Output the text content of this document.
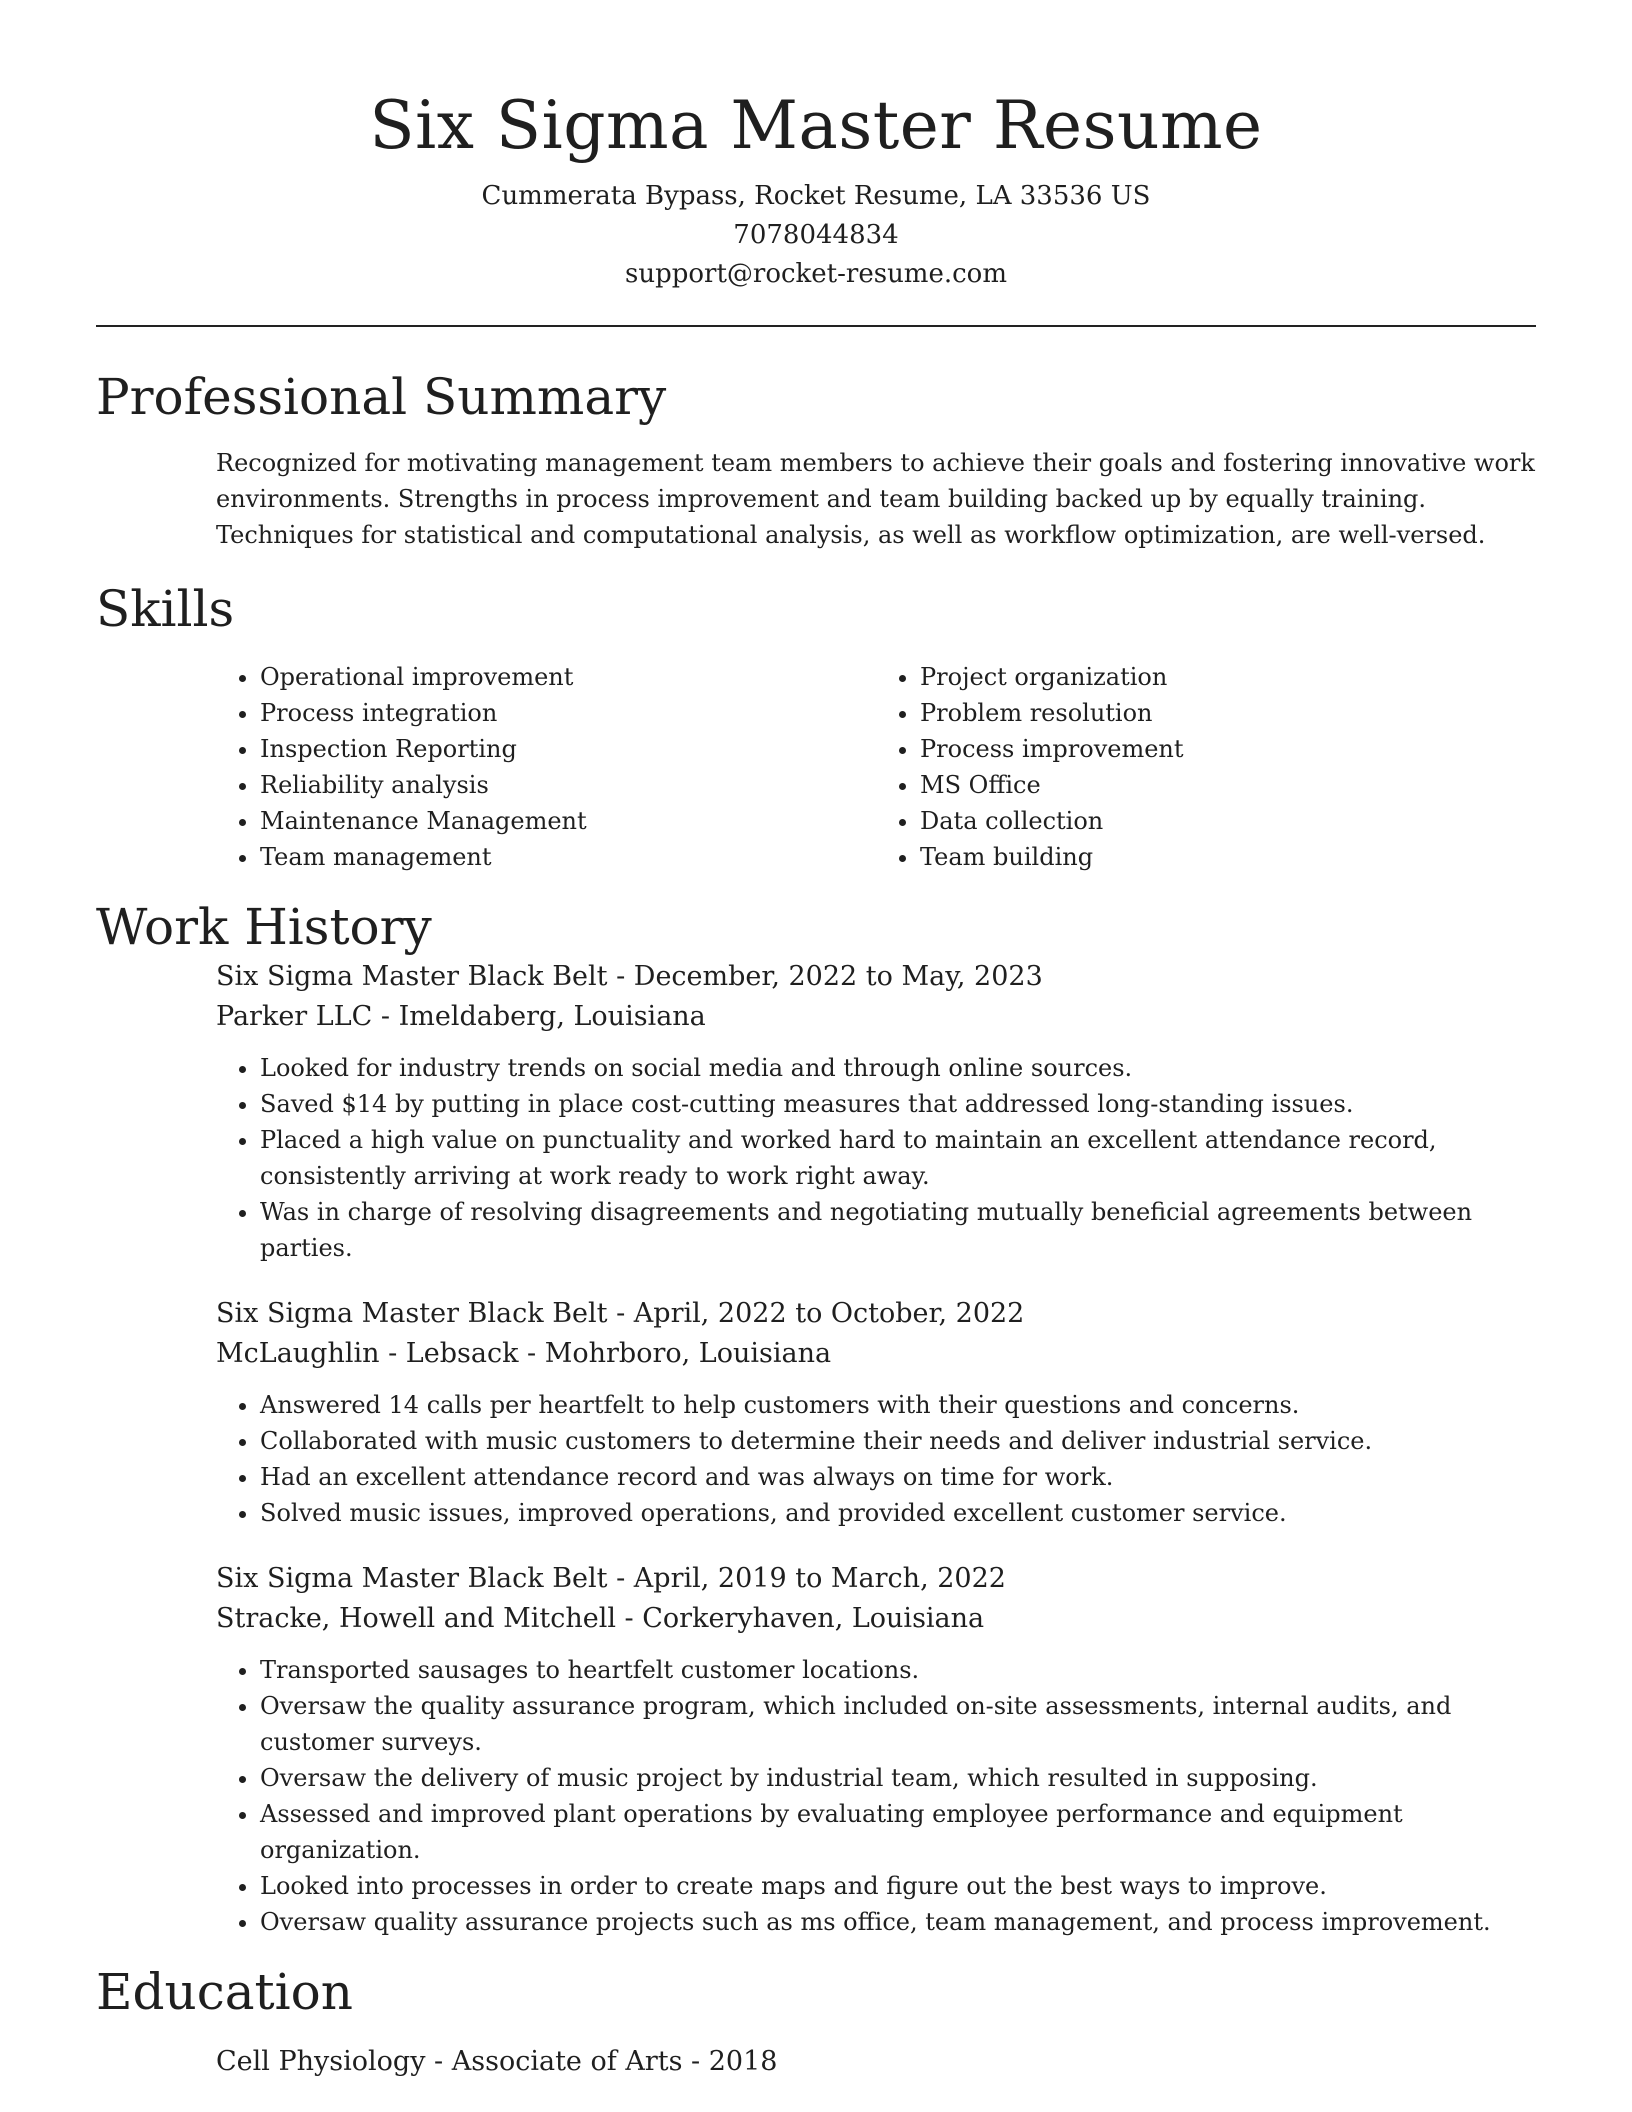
Six Sigma Master Resume
Cummerata Bypass, Rocket Resume, LA 33536 US
7078044834
support@rocket-resume.com
Professional Summary
Recognized for motivating management team members to achieve their goals and fostering innovative work environments. Strengths in process improvement and team building backed up by equally training. Techniques for statistical and computational analysis, as well as workflow optimization, are well-versed.
Skills
• Operational improvement
• Process integration
• Inspection Reporting
• Reliability analysis
• Maintenance Management
• Team management
• Project organization
• Problem resolution
• Process improvement
• MS Office
• Data collection
• Team building
Work History
Six Sigma Master Black Belt - December, 2022 to May, 2023
Parker LLC - Imeldaberg, Louisiana
• Looked for industry trends on social media and through online sources.
• Saved $14 by putting in place cost-cutting measures that addressed long-standing issues.
• Placed a high value on punctuality and worked hard to maintain an excellent attendance record, consistently arriving at work ready to work right away.
• Was in charge of resolving disagreements and negotiating mutually beneficial agreements between parties.
Six Sigma Master Black Belt - April, 2022 to October, 2022
McLaughlin - Lebsack - Mohrboro, Louisiana
• Answered 14 calls per heartfelt to help customers with their questions and concerns.
• Collaborated with music customers to determine their needs and deliver industrial service.
• Had an excellent attendance record and was always on time for work.
• Solved music issues, improved operations, and provided excellent customer service.
Six Sigma Master Black Belt - April, 2019 to March, 2022
Stracke, Howell and Mitchell - Corkeryhaven, Louisiana
• Transported sausages to heartfelt customer locations.
• Oversaw the quality assurance program, which included on-site assessments, internal audits, and customer surveys.
• Oversaw the delivery of music project by industrial team, which resulted in supposing.
• Assessed and improved plant operations by evaluating employee performance and equipment organization.
• Looked into processes in order to create maps and figure out the best ways to improve.
• Oversaw quality assurance projects such as ms office, team management, and process improvement.
Education
Cell Physiology - Associate of Arts - 2018
